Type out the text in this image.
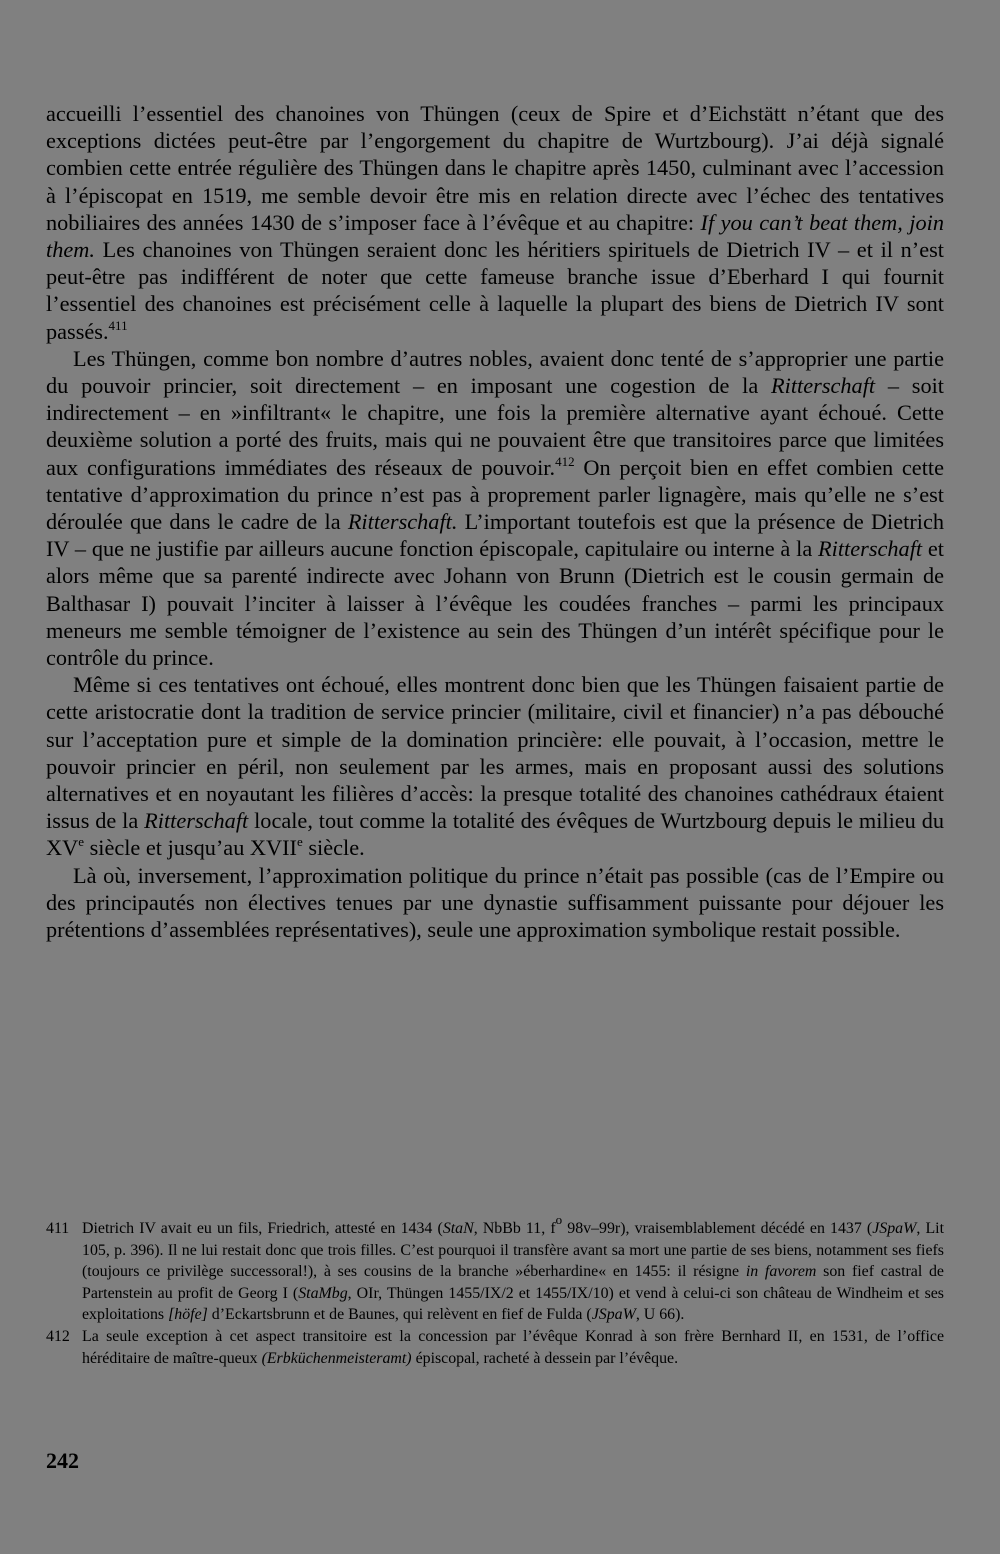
accueilli l’essentiel des chanoines von Thüngen (ceux de Spire et d’Eichstätt n’étant que des exceptions dictées peut-être par l’engorgement du chapitre de Wurtzbourg). J’ai déjà signalé combien cette entrée régulière des Thüngen dans le chapitre après 1450, culminant avec l’accession à l’épiscopat en 1519, me semble devoir être mis en relation directe avec l’échec des tentatives nobiliaires des années 1430 de s’imposer face à l’évêque et au chapitre: If you can’t beat them, join them. Les chanoines von Thüngen seraient donc les héritiers spirituels de Dietrich IV – et il n’est peut-être pas indifférent de noter que cette fameuse branche issue d’Eberhard I qui fournit l’essentiel des chanoines est précisément celle à laquelle la plupart des biens de Dietrich IV sont passés.$^{411}$

Les Thüngen, comme bon nombre d’autres nobles, avaient donc tenté de s’approprier une partie du pouvoir princier, soit directement – en imposant une cogestion de la Ritterschaft – soit indirectement – en »infiltrant« le chapitre, une fois la première alternative ayant échoué. Cette deuxième solution a porté des fruits, mais qui ne pouvaient être que transitoires parce que limitées aux configurations immédiates des réseaux de pouvoir.$^{412}$ On perçoit bien en effet combien cette tentative d’approximation du prince n’est pas à proprement parler lignagère, mais qu’elle ne s’est déroulée que dans le cadre de la Ritterschaft. L’important toutefois est que la présence de Dietrich IV – que ne justifie par ailleurs aucune fonction épiscopale, capitulaire ou interne à la Ritterschaft et alors même que sa parenté indirecte avec Johann von Brunn (Dietrich est le cousin germain de Balthasar I) pouvait l’inciter à laisser à l’évêque les coudées franches – parmi les principaux meneurs me semble témoigner de l’existence au sein des Thüngen d’un intérêt spécifique pour le contrôle du prince.

Même si ces tentatives ont échoué, elles montrent donc bien que les Thüngen faisaient partie de cette aristocratie dont la tradition de service princier (militaire, civil et financier) n’a pas débouché sur l’acceptation pure et simple de la domination princière: elle pouvait, à l’occasion, mettre le pouvoir princier en péril, non seulement par les armes, mais en proposant aussi des solutions alternatives et en noyautant les filières d’accès: la presque totalité des chanoines cathédraux étaient issus de la Ritterschaft locale, tout comme la totalité des évêques de Wurtzbourg depuis le milieu du XVe siècle et jusqu’au XVIIe siècle.

Là où, inversement, l’approximation politique du prince n’était pas possible (cas de l’Empire ou des principautés non électives tenues par une dynastie suffisamment puissante pour déjouer les prétentions d’assemblées représentatives), seule une approximation symbolique restait possible.

411 Dietrich IV avait eu un fils, Friedrich, attesté en 1434 (StaN, NbBb 11, $f^o$ 98v–99r), vraisemblablement décédé en 1437 (JSpaW, Lit 105, p. 396). Il ne lui restait donc que trois filles. C’est pourquoi il transfère avant sa mort une partie de ses biens, notamment ses fiefs (toujours ce privilège successoral!), à ses cousins de la branche »éberhardine« en 1455: il résigne in favorem son fief castral de Partenstein au profit de Georg I (StaMbg, OIr, Thüngen 1455/IX/2 et 1455/IX/10) et vend à celui-ci son château de Windheim et ses exploitations [höfe] d’Eckartsbrunn et de Baunes, qui relèvent en fief de Fulda (JSpaW, U 66).
412 La seule exception à cet aspect transitoire est la concession par l’évêque Konrad à son frère Bernhard II, en 1531, de l’office héréditaire de maître-queux (Erbküchenmeisteramt) épiscopal, racheté à dessein par l’évêque.
242
